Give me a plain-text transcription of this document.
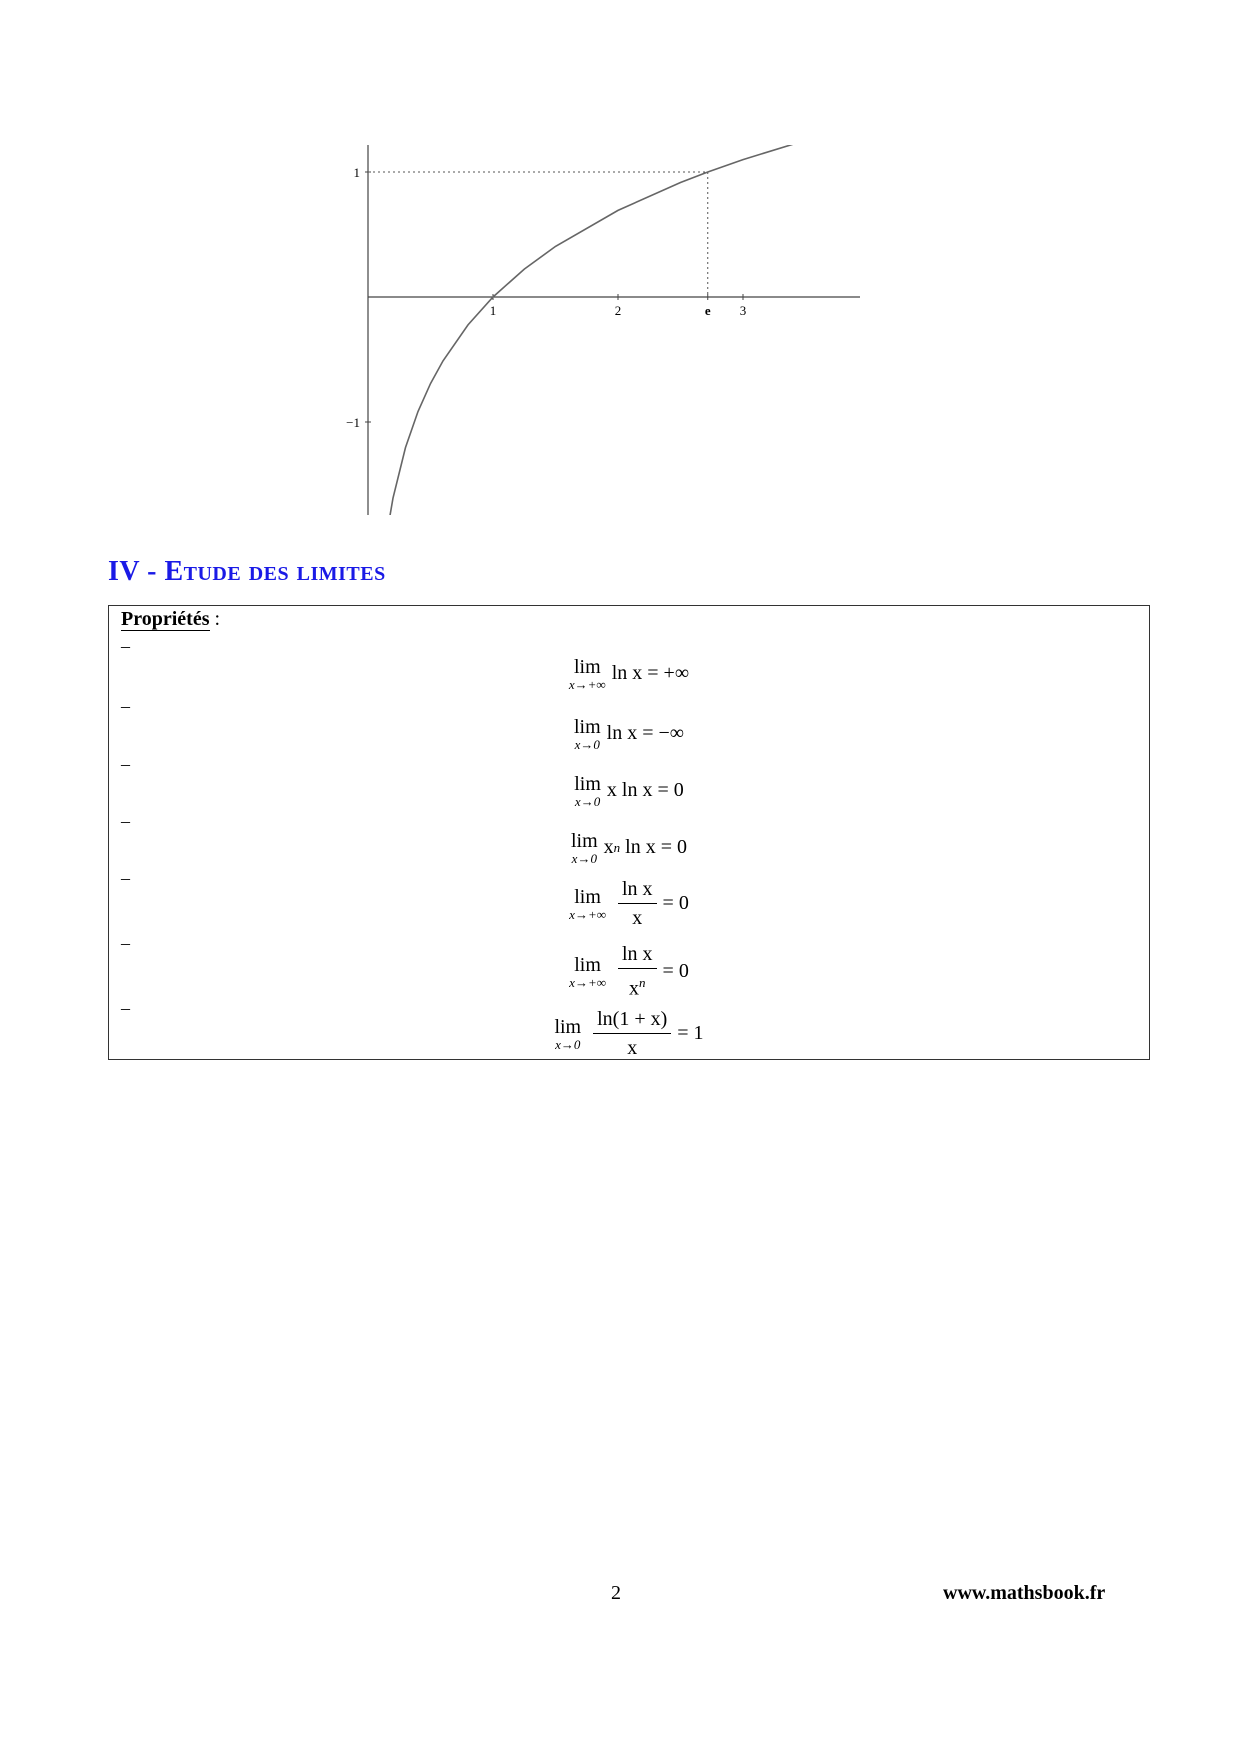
1	2	e 3
1
−1
IV - Etude des limites
Propriétés :
–
lim
x→+∞
ln x
=
+∞
–
lim
x→0
ln x
=
−∞
–
lim
x→0
x ln x
=
0
–
lim
x→0
x n
ln x
=
0
–
lim
$x\to+\infty \frac{\text{ln x}}{x}$ =
0
–
lim
$x\to+\infty \frac{\text{ln x}}{x^n}$ =
0
–
lim
$x\to 0 \frac{\ln(1 + x)}{x}$ =
1
2	www.mathsbook.fr
